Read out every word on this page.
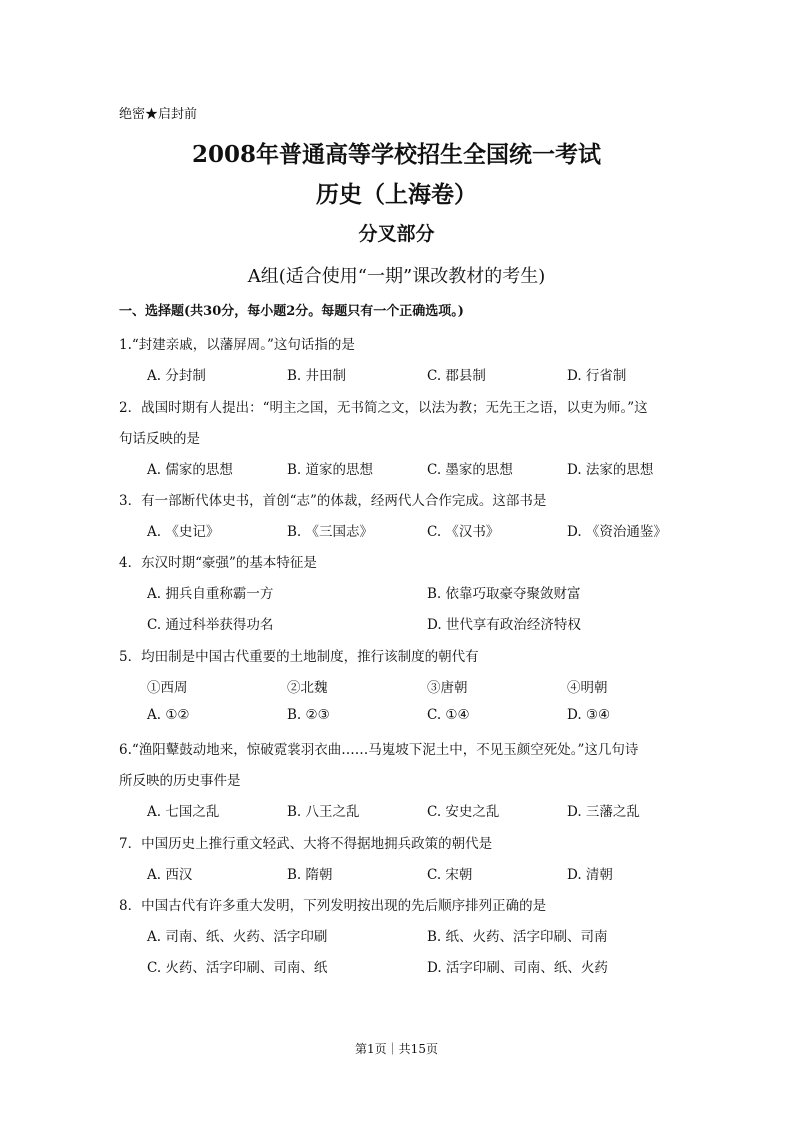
绝密★启封前
2008年普通高等学校招生全国统一考试
历史（上海卷）
分叉部分
A组(适合使用“一期”课改教材的考生)
一、选择题(共30分，每小题2分。每题只有一个正确选项。)
1.“封建亲戚，以藩屏周。”这句话指的是
A. 分封制	B. 井田制	C. 郡县制	D. 行省制
2．战国时期有人提出：“明主之国，无书简之文，以法为教；无先王之语，以吏为师。”这
句话反映的是
A. 儒家的思想	B. 道家的思想	C. 墨家的思想	D. 法家的思想
3．有一部断代体史书，首创“志”的体裁，经两代人合作完成。这部书是
A. 《史记》	B. 《三国志》	C. 《汉书》	D. 《资治通鉴》
4．东汉时期“豪强”的基本特征是
A. 拥兵自重称霸一方	B. 依靠巧取豪夺聚敛财富
C. 通过科举获得功名	D. 世代享有政治经济特权
5．均田制是中国古代重要的土地制度，推行该制度的朝代有
①西周	②北魏	③唐朝	④明朝
A. ①②	B. ②③	C. ①④	D. ③④
6.“渔阳鼙鼓动地来，惊破霓裳羽衣曲……马嵬坡下泥土中，不见玉颜空死处。”这几句诗
所反映的历史事件是
A. 七国之乱	B. 八王之乱	C. 安史之乱	D. 三藩之乱
7．中国历史上推行重文轻武、大将不得据地拥兵政策的朝代是
A. 西汉	B. 隋朝	C. 宋朝	D. 清朝
8．中国古代有许多重大发明，下列发明按出现的先后顺序排列正确的是
A. 司南、纸、火药、活字印刷	B. 纸、火药、活字印刷、司南
C. 火药、活字印刷、司南、纸	D. 活字印刷、司南、纸、火药
第1页｜共15页
